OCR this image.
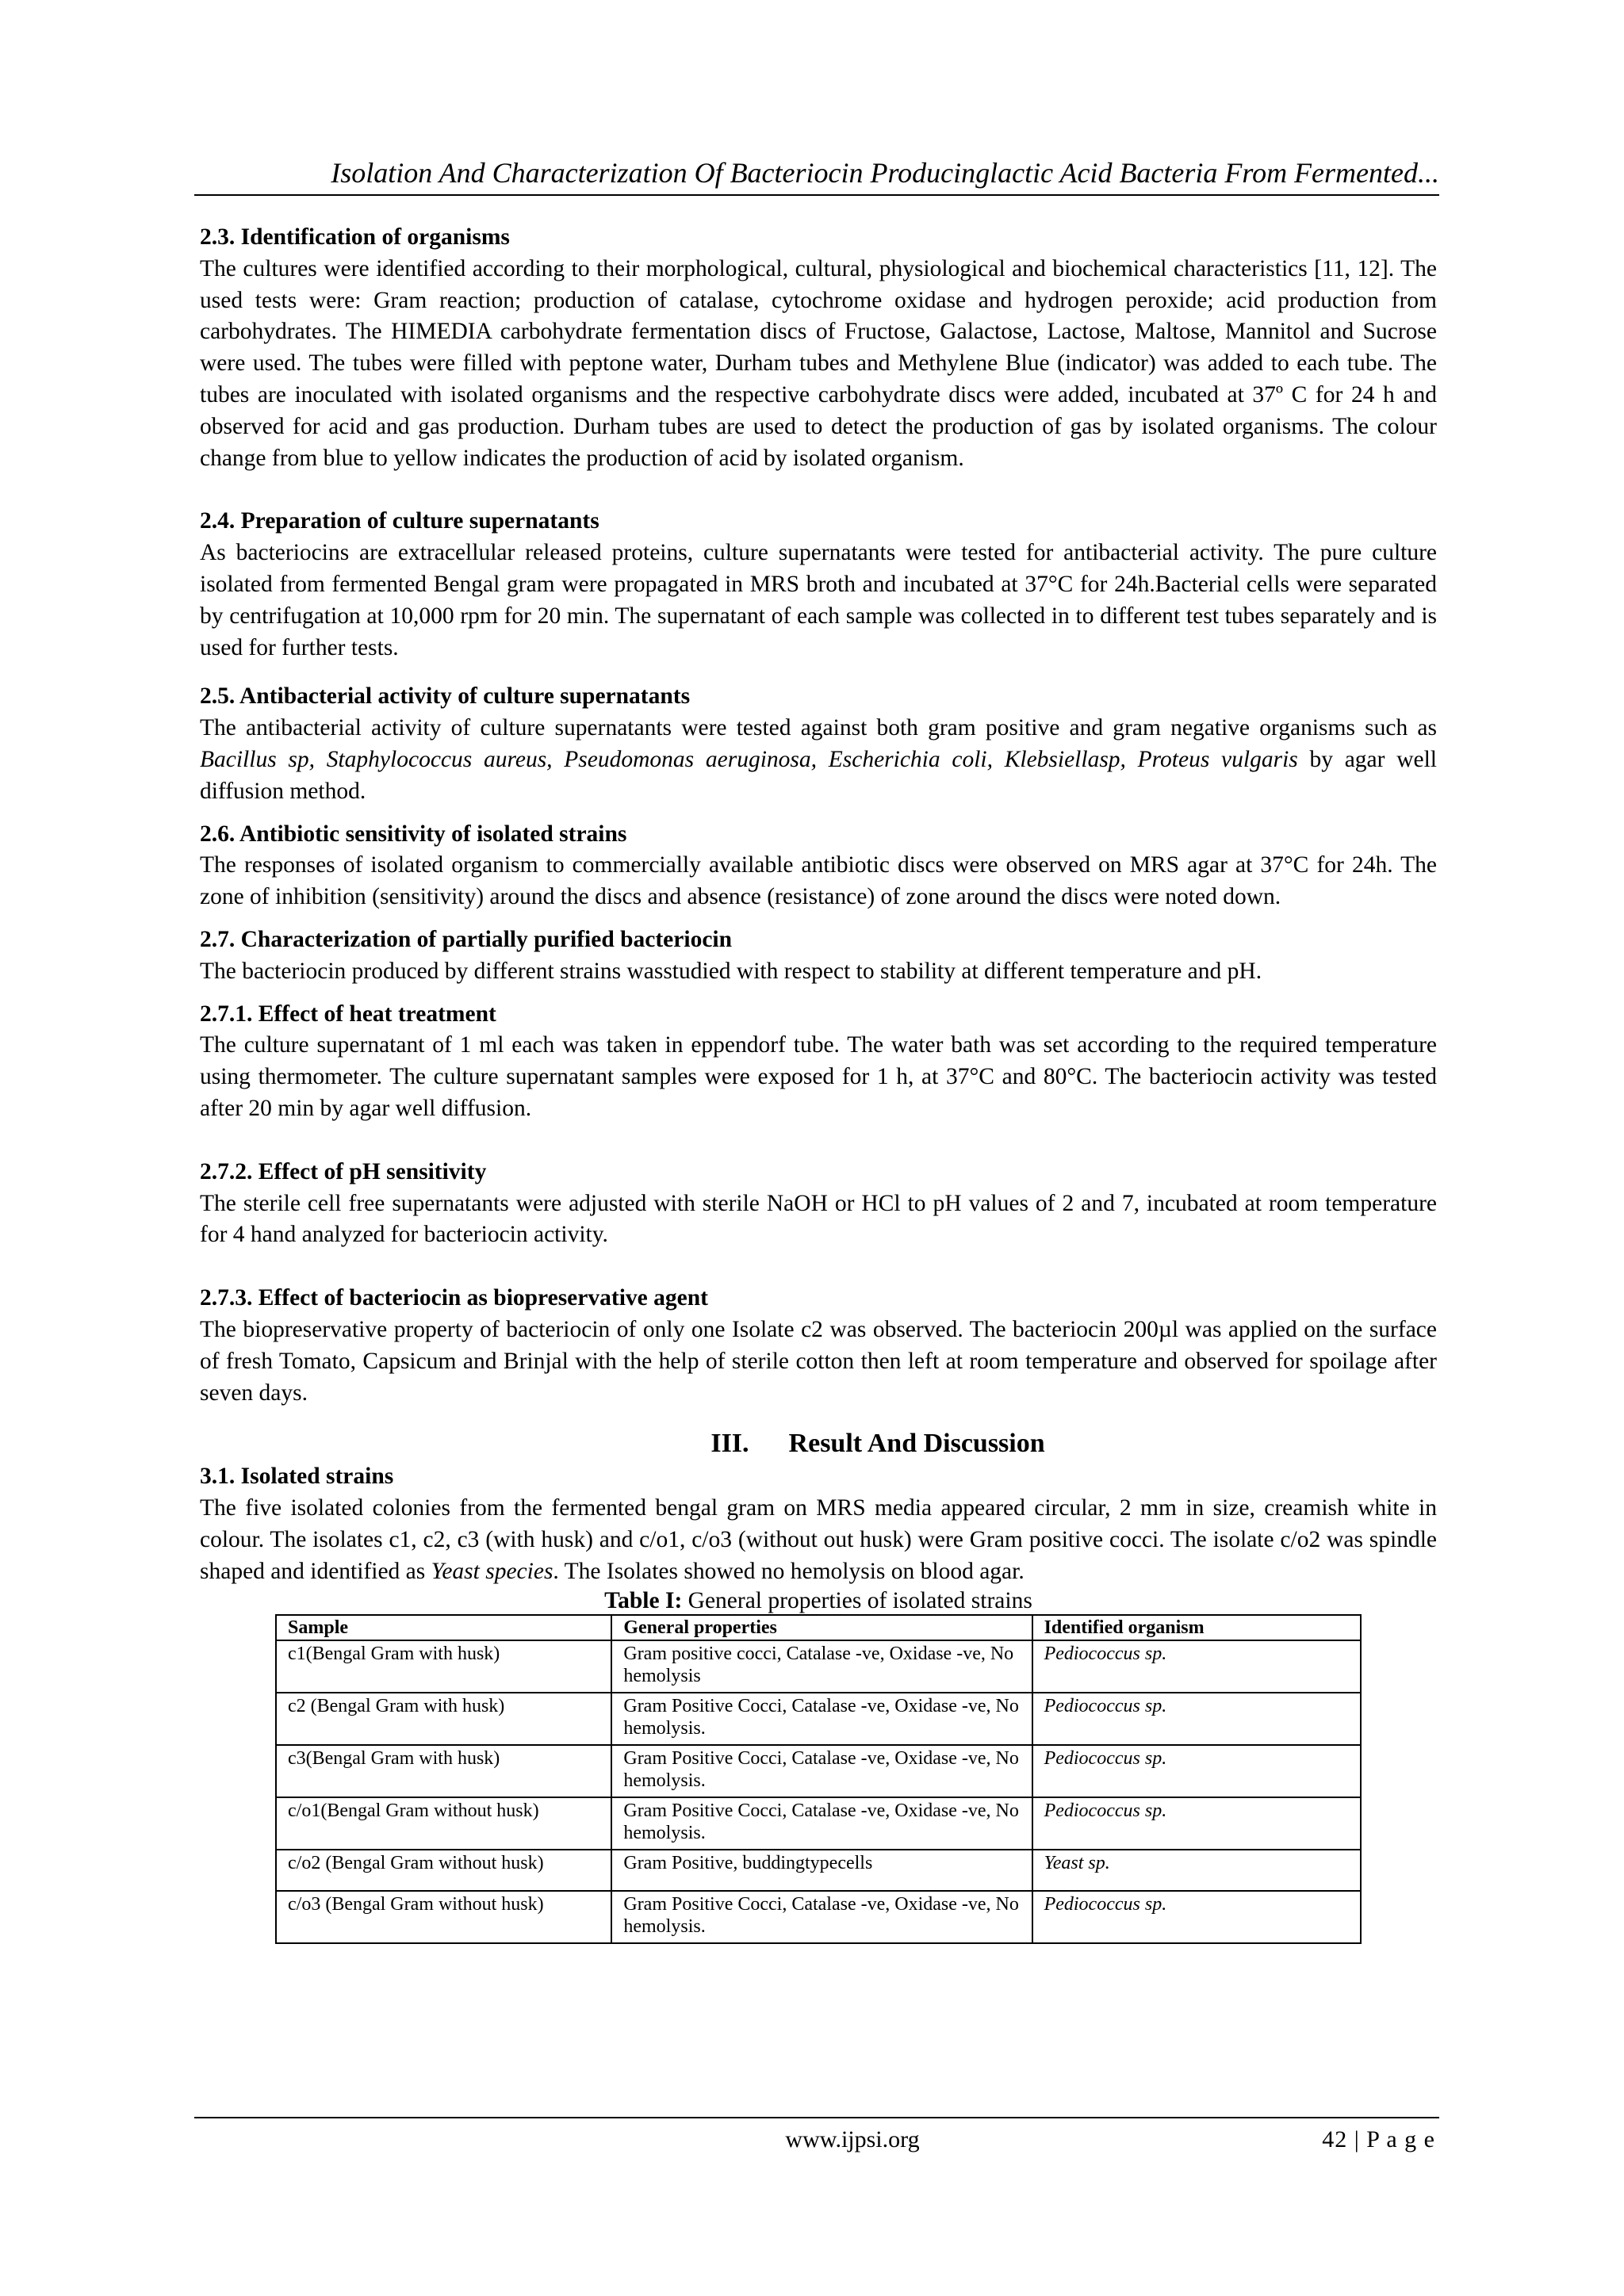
Isolation And Characterization Of Bacteriocin Producinglactic Acid Bacteria From Fermented...
2.3. Identification of organisms

The cultures were identified according to their morphological, cultural, physiological and biochemical characteristics [11, 12]. The used tests were: Gram reaction; production of catalase, cytochrome oxidase and hydrogen peroxide; acid production from carbohydrates. The HIMEDIA carbohydrate fermentation discs of Fructose, Galactose, Lactose, Maltose, Mannitol and Sucrose were used. The tubes were filled with peptone water, Durham tubes and Methylene Blue (indicator) was added to each tube. The tubes are inoculated with isolated organisms and the respective carbohydrate discs were added, incubated at 37º C for 24 h and observed for acid and gas production. Durham tubes are used to detect the production of gas by isolated organisms. The colour change from blue to yellow indicates the production of acid by isolated organism.

2.4. Preparation of culture supernatants

As bacteriocins are extracellular released proteins, culture supernatants were tested for antibacterial activity. The pure culture isolated from fermented Bengal gram were propagated in MRS broth and incubated at 37°C for 24h.Bacterial cells were separated by centrifugation at 10,000 rpm for 20 min. The supernatant of each sample was collected in to different test tubes separately and is used for further tests.

2.5. Antibacterial activity of culture supernatants

The antibacterial activity of culture supernatants were tested against both gram positive and gram negative organisms such as Bacillus sp, Staphylococcus aureus, Pseudomonas aeruginosa, Escherichia coli, Klebsiellasp, Proteus vulgaris by agar well diffusion method.

2.6. Antibiotic sensitivity of isolated strains

The responses of isolated organism to commercially available antibiotic discs were observed on MRS agar at 37°C for 24h. The zone of inhibition (sensitivity) around the discs and absence (resistance) of zone around the discs were noted down.

2.7. Characterization of partially purified bacteriocin

The bacteriocin produced by different strains wasstudied with respect to stability at different temperature and pH.

2.7.1. Effect of heat treatment

The culture supernatant of 1 ml each was taken in eppendorf tube. The water bath was set according to the required temperature using thermometer. The culture supernatant samples were exposed for 1 h, at 37°C and 80°C. The bacteriocin activity was tested after 20 min by agar well diffusion.

2.7.2. Effect of pH sensitivity

The sterile cell free supernatants were adjusted with sterile NaOH or HCl to pH values of 2 and 7, incubated at room temperature for 4 hand analyzed for bacteriocin activity.

2.7.3. Effect of bacteriocin as biopreservative agent

The biopreservative property of bacteriocin of only one Isolate c2 was observed. The bacteriocin 200µl was applied on the surface of fresh Tomato, Capsicum and Brinjal with the help of sterile cotton then left at room temperature and observed for spoilage after seven days.

III. Result And Discussion
3.1. Isolated strains

The five isolated colonies from the fermented bengal gram on MRS media appeared circular, 2 mm in size, creamish white in colour. The isolates c1, c2, c3 (with husk) and c/o1, c/o3 (without out husk) were Gram positive cocci. The isolate c/o2 was spindle shaped and identified as Yeast species. The Isolates showed no hemolysis on blood agar.

Table I: General properties of isolated strains
Sample	General properties	Identified organism
c1(Bengal Gram with husk)	Gram positive cocci, Catalase -ve, Oxidase -ve, No hemolysis	Pediococcus sp.
c2 (Bengal Gram with husk)	Gram Positive Cocci, Catalase -ve, Oxidase -ve, No hemolysis.	Pediococcus sp.
c3(Bengal Gram with husk)	Gram Positive Cocci, Catalase -ve, Oxidase -ve, No hemolysis.	Pediococcus sp.
c/o1(Bengal Gram without husk)	Gram Positive Cocci, Catalase -ve, Oxidase -ve, No hemolysis.	Pediococcus sp.
c/o2 (Bengal Gram without husk)	Gram Positive, buddingtypecells	Yeast sp.
c/o3 (Bengal Gram without husk)	Gram Positive Cocci, Catalase -ve, Oxidase -ve, No hemolysis.	Pediococcus sp.
www.ijpsi.org	42 | P a g e
